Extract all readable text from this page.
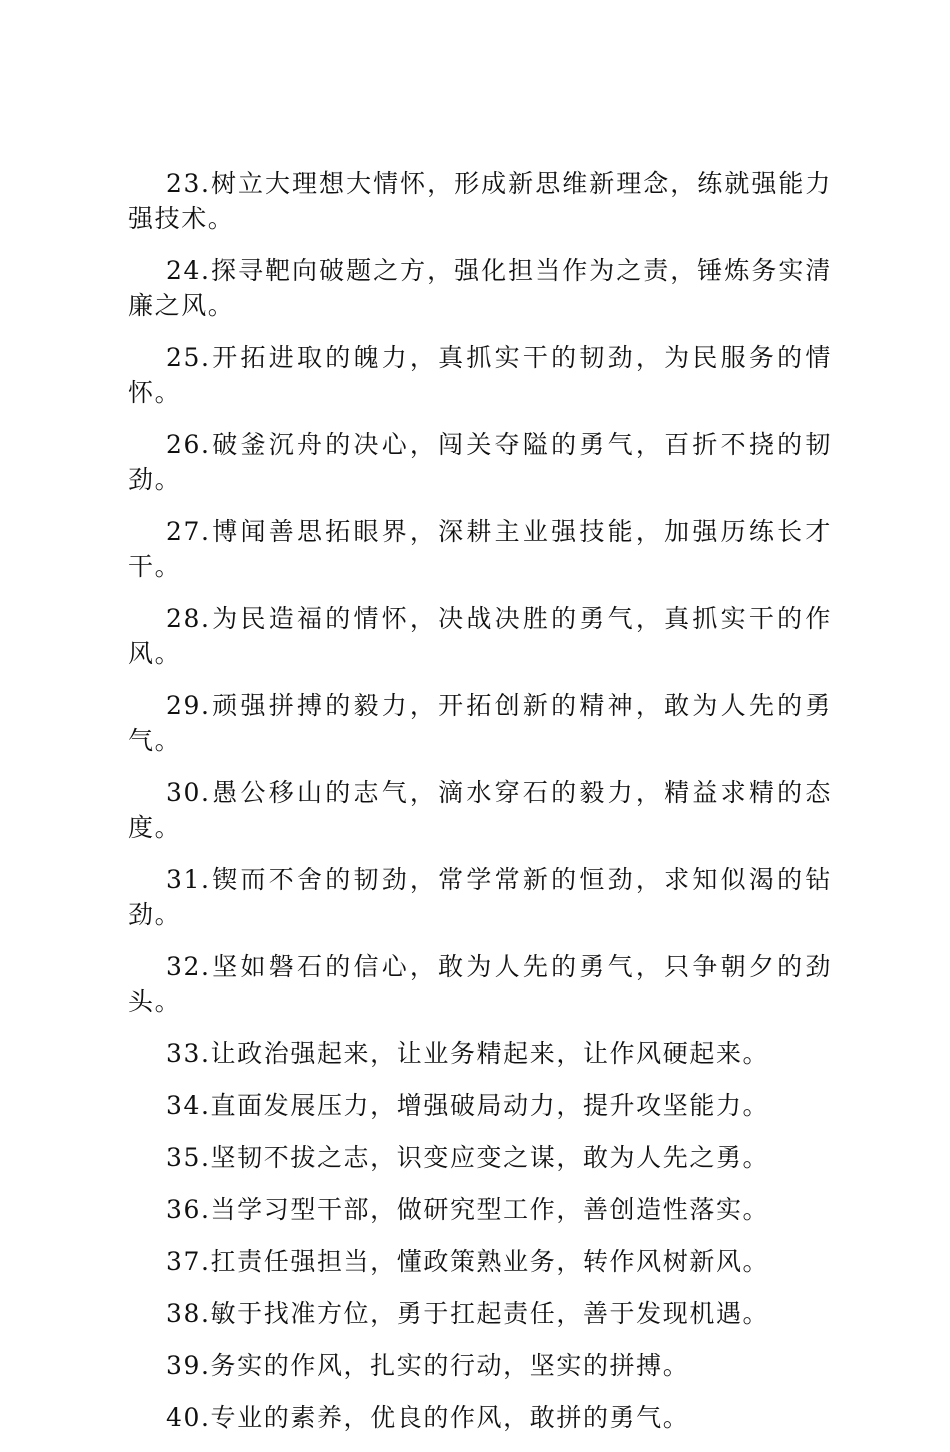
23.树立大理想大情怀，形成新思维新理念，练就强能力强技术。

24.探寻靶向破题之方，强化担当作为之责，锤炼务实清廉之风。

25.开拓进取的魄力，真抓实干的韧劲，为民服务的情怀。

26.破釜沉舟的决心，闯关夺隘的勇气，百折不挠的韧劲。

27.博闻善思拓眼界，深耕主业强技能，加强历练长才干。

28.为民造福的情怀，决战决胜的勇气，真抓实干的作风。

29.顽强拼搏的毅力，开拓创新的精神，敢为人先的勇气。

30.愚公移山的志气，滴水穿石的毅力，精益求精的态度。

31.锲而不舍的韧劲，常学常新的恒劲，求知似渴的钻劲。

32.坚如磐石的信心，敢为人先的勇气，只争朝夕的劲头。

33.让政治强起来，让业务精起来，让作风硬起来。

34.直面发展压力，增强破局动力，提升攻坚能力。

35.坚韧不拔之志，识变应变之谋，敢为人先之勇。

36.当学习型干部，做研究型工作，善创造性落实。

37.扛责任强担当，懂政策熟业务，转作风树新风。

38.敏于找准方位，勇于扛起责任，善于发现机遇。

39.务实的作风，扎实的行动，坚实的拼搏。

40.专业的素养，优良的作风，敢拼的勇气。
